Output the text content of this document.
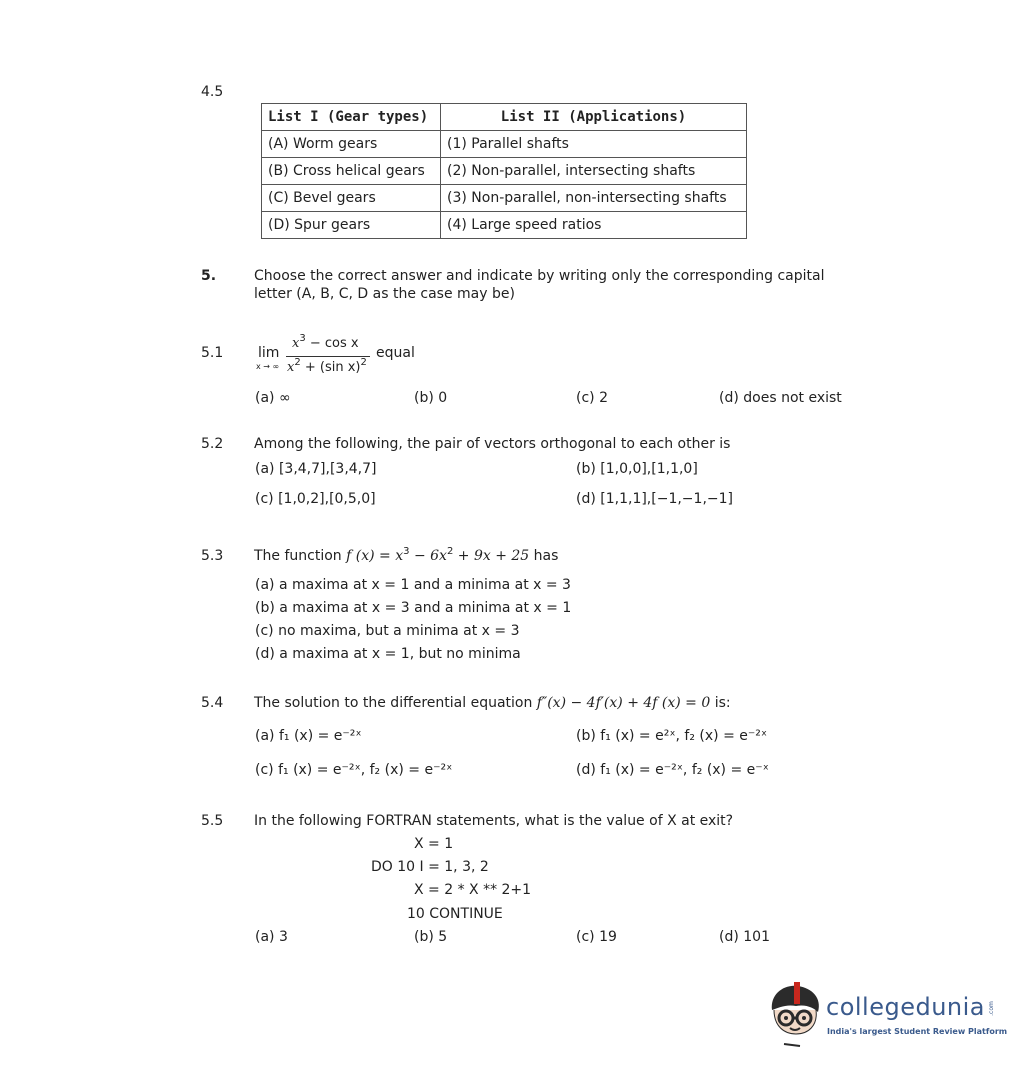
4.5
List I (Gear types)	List II (Applications)
(A) Worm gears	(1) Parallel shafts
(B) Cross helical gears	(2) Non-parallel, intersecting shafts
(C) Bevel gears	(3) Non-parallel, non-intersecting shafts
(D) Spur gears	(4) Large speed ratios
5.	Choose the correct answer and indicate by writing only the corresponding capital
letter (A, B, C, D as the case may be)
5.1 lim
x → ∞
$x^3 - \cos x$
$x^2 + (\sin$ x)$^2$
equal
(a) ∞	(b) 0	(c) 2	(d) does not exist
5.2 Among the following, the pair of vectors orthogonal to each other is
(a) [3,4,7],[3,4,7]	(b) [1,0,0],[1,1,0]
(c) [1,0,2],[0,5,0]	(d) [1,1,1],[−1,−1,−1]
5.3 The function f $(x) = x^3 - 6x^2 + 9x + 25$ has
(a) a maxima at x = 1 and a minima at x = 3
(b) a maxima at x = 3 and a minima at x = 1
(c) no maxima, but a minima at x = 3
(d) a maxima at x = 1, but no minima
5.4 The solution to the differential equation f″(x) − 4f′(x) + 4f (x) = 0 is:
(a) f₁ (x) = e⁻²ˣ	(b) f₁ (x) = e²ˣ, f₂ (x) = e⁻²ˣ
(c) f₁ (x) = e⁻²ˣ, f₂ (x) = e⁻²ˣ	(d) f₁ (x) = e⁻²ˣ, f₂ (x) = e⁻ˣ
5.5 In the following FORTRAN statements, what is the value of X at exit?
X = 1
DO 10 I = 1, 3, 2
X = 2 * X ** 2+1
10 CONTINUE
(a) 3	(b) 5	(c) 19	(d) 101
collegedunia .com
India's largest Student Review Platform
